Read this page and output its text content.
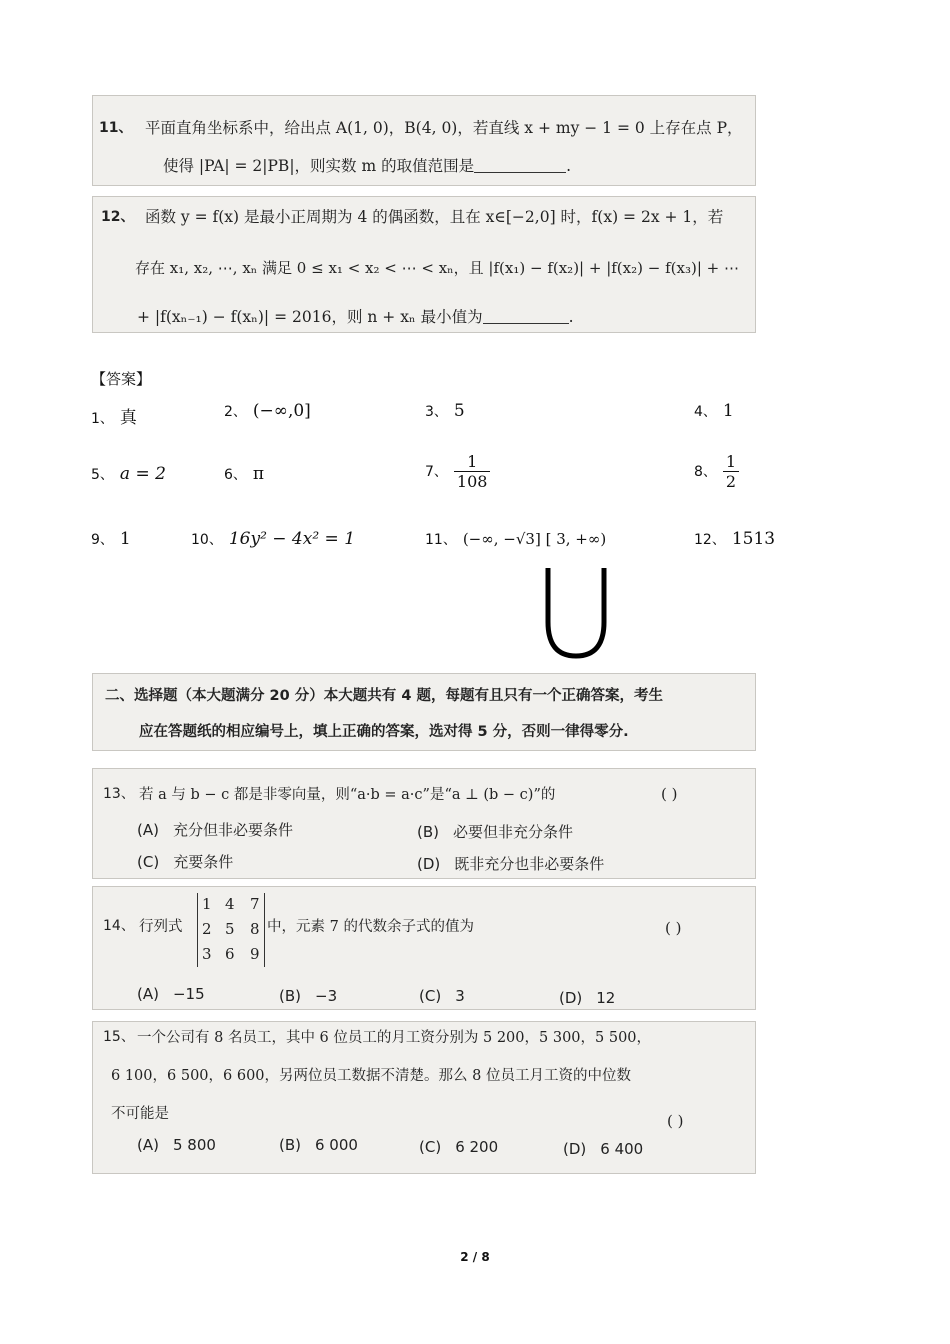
11、 平面直角坐标系中，给出点 A(1, 0)，B(4, 0)，若直线 x + my − 1 = 0 上存在点 P，
使得 |PA| = 2|PB|，则实数 m 的取值范围是	.
12、 函数 y = f(x) 是最小正周期为 4 的偶函数，且在 x∈[−2,0] 时，f(x) = 2x + 1，若
存在 x₁, x₂, ⋯, xₙ 满足 0 ≤ x₁ < x₂ < ⋯ < xₙ，且 |f(x₁) − f(x₂)| + |f(x₂) − f(x₃)| + ⋯
+ |f(xₙ₋₁) − f(xₙ)| = 2016，则 n + xₙ 最小值为	.
【答案】
1、 真	2、 (−∞,0]	3、 5	4、 1
5、 a = 2	6、 π	7、 $\frac{1}{108}$	8、 $\frac{1}{2}$
9、 1	10、 16y² − 4x² = 1	11、 (−∞, −√3] [ 3, +∞)	12、 1513
二、选择题（本大题满分 20 分）本大题共有 4 题，每题有且只有一个正确答案，考生
应在答题纸的相应编号上，填上正确的答案，选对得 5 分，否则一律得零分.
13、 若 a 与 b − c 都是非零向量，则“a·b = a·c”是“a ⊥ (b − c)”的	( )
(A) 充分但非必要条件	(B) 必要但非充分条件
(C) 充要条件	(D) 既非充分也非必要条件
14、 行列式
1 4 7
2 5 8
3 6 9
中，元素 7 的代数余子式的值为	( )
(A) −15	(B) −3	(C) 3	(D) 12
15、 一个公司有 8 名员工，其中 6 位员工的月工资分别为 5 200，5 300，5 500，
6 100，6 500，6 600，另两位员工数据不清楚。那么 8 位员工月工资的中位数
不可能是	( )
(A) 5 800	(B) 6 000	(C) 6 200	(D) 6 400
2 / 8
